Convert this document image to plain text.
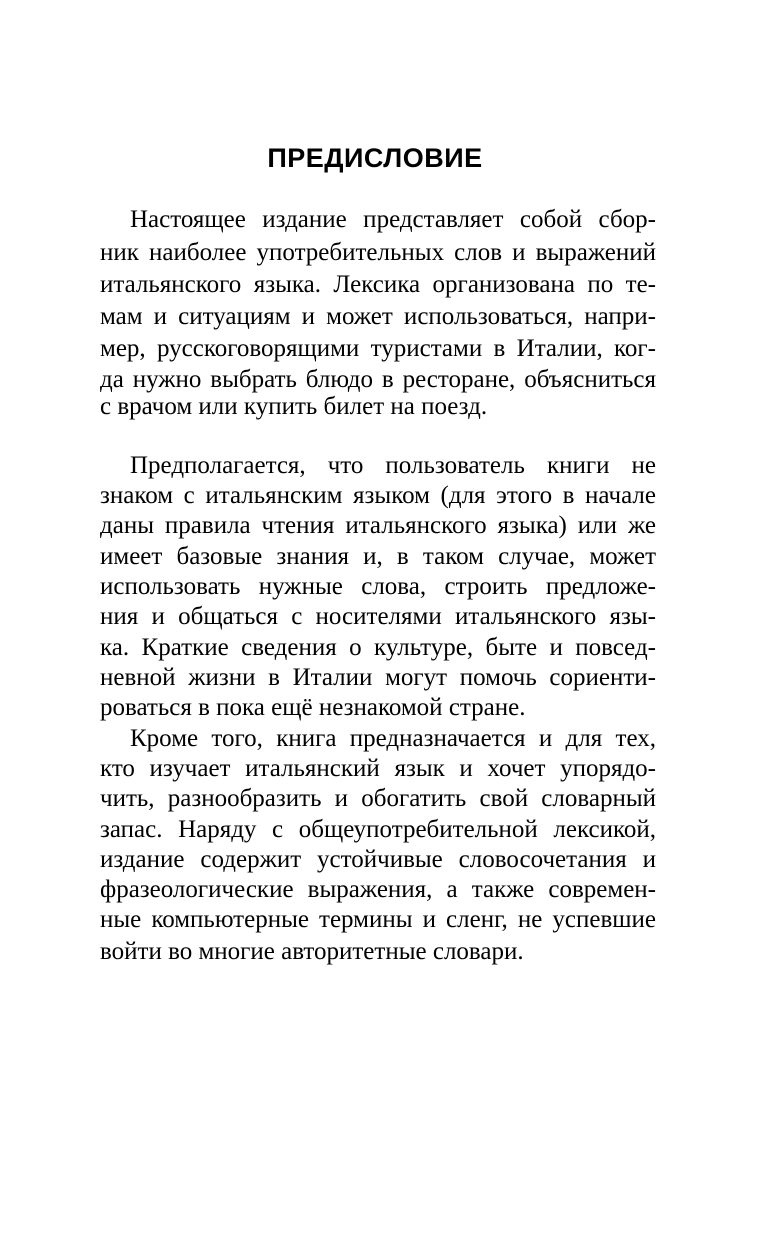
ПРЕДИСЛОВИЕ

Настоящее издание представляет собой сбор-

ник наиболее употребительных слов и выражений

итальянского языка. Лексика организована по те-

мам и ситуациям и может использоваться, напри-

мер, русскоговорящими туристами в Италии, ког-

да нужно выбрать блюдо в ресторане, объясниться

с врачом или купить билет на поезд.

Предполагается, что пользователь книги не

знаком с итальянским языком (для этого в начале

даны правила чтения итальянского языка) или же

имеет базовые знания и, в таком случае, может

использовать нужные слова, строить предложе-

ния и общаться с носителями итальянского язы-

ка. Краткие сведения о культуре, быте и повсед-

невной жизни в Италии могут помочь сориенти-

роваться в пока ещё незнакомой стране.

Кроме того, книга предназначается и для тех,

кто изучает итальянский язык и хочет упорядо-

чить, разнообразить и обогатить свой словарный

запас. Наряду с общеупотребительной лексикой,

издание содержит устойчивые словосочетания и

фразеологические выражения, а также современ-

ные компьютерные термины и сленг, не успевшие

войти во многие авторитетные словари.
